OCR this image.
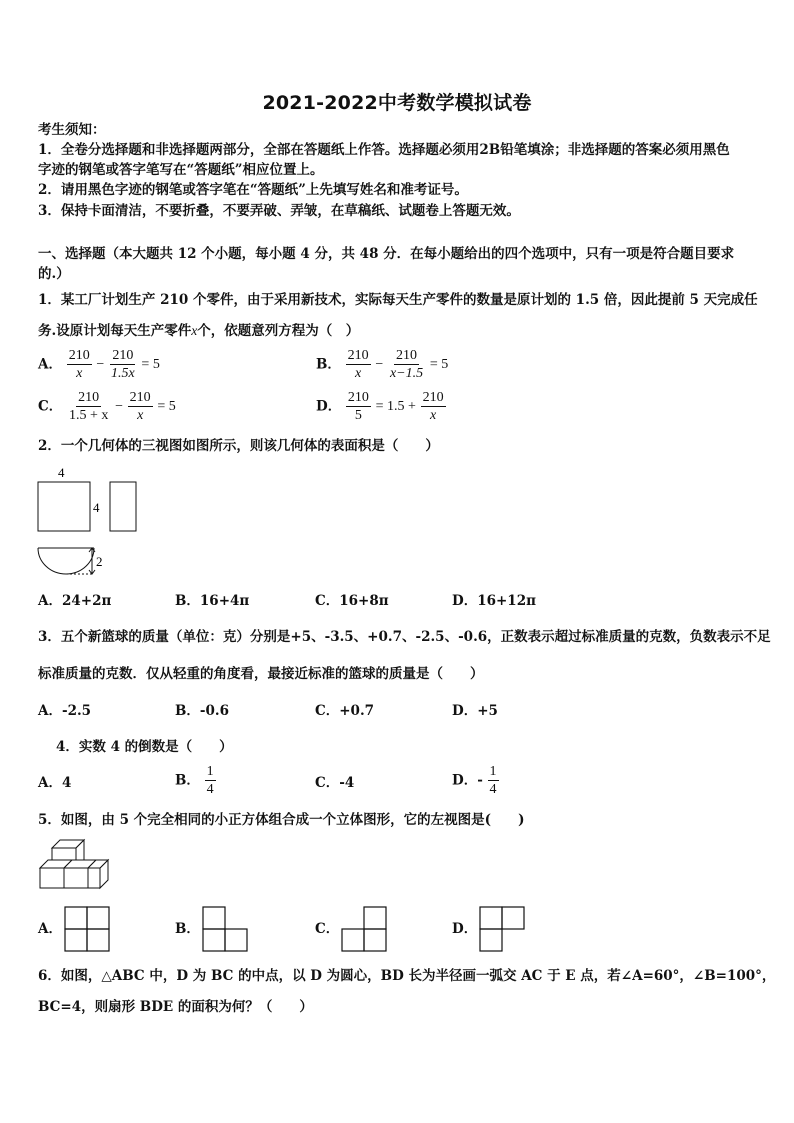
2021-2022中考数学模拟试卷
考生须知：
1．全卷分选择题和非选择题两部分，全部在答题纸上作答。选择题必须用2B铅笔填涂；非选择题的答案必须用黑色
字迹的钢笔或答字笔写在“答题纸”相应位置上。
2．请用黑色字迹的钢笔或答字笔在“答题纸”上先填写姓名和准考证号。
3．保持卡面清洁，不要折叠，不要弄破、弄皱，在草稿纸、试题卷上答题无效。
一、选择题（本大题共 12 个小题，每小题 4 分，共 48 分．在每小题给出的四个选项中，只有一项是符合题目要求
的.）
1．某工厂计划生产 210 个零件，由于采用新技术，实际每天生产零件的数量是原计划的 1.5 倍，因此提前 5 天完成任
务.设原计划每天生产零件x个，依题意列方程为（　）
A． $\frac{210}{x} - \frac{210}{1.5x} = 5$	B． $\frac{210}{x} - \frac{210}{x-1.5} = 5$
C． $\frac{210}{1.5 + x} - \frac{210}{x} = 5$	D． $\frac{210}{5} = 1.5 + \frac{210}{x}$
2．一个几何体的三视图如图所示，则该几何体的表面积是（　　）
4
4
2
A．24+2π	B．16+4π	C．16+8π	D．16+12π
3．五个新篮球的质量（单位：克）分别是+5、-3.5、+0.7、-2.5、-0.6，正数表示超过标准质量的克数，负数表示不足
标准质量的克数．仅从轻重的角度看，最接近标准的篮球的质量是（　　）
A．-2.5	B．-0.6	C．+0.7	D．+5
4．实数 4 的倒数是（　　）
A．4	B． $\frac{1}{4}$	C．-4	D．- $\frac{1}{4}$
5．如图，由 5 个完全相同的小正方体组合成一个立体图形，它的左视图是(　　)
A．	B．	C．	D．
6．如图，△ABC 中，D 为 BC 的中点，以 D 为圆心，BD 长为半径画一弧交 AC 于 E 点，若∠A=60°，∠B=100°，
BC=4，则扇形 BDE 的面积为何？（　　）
